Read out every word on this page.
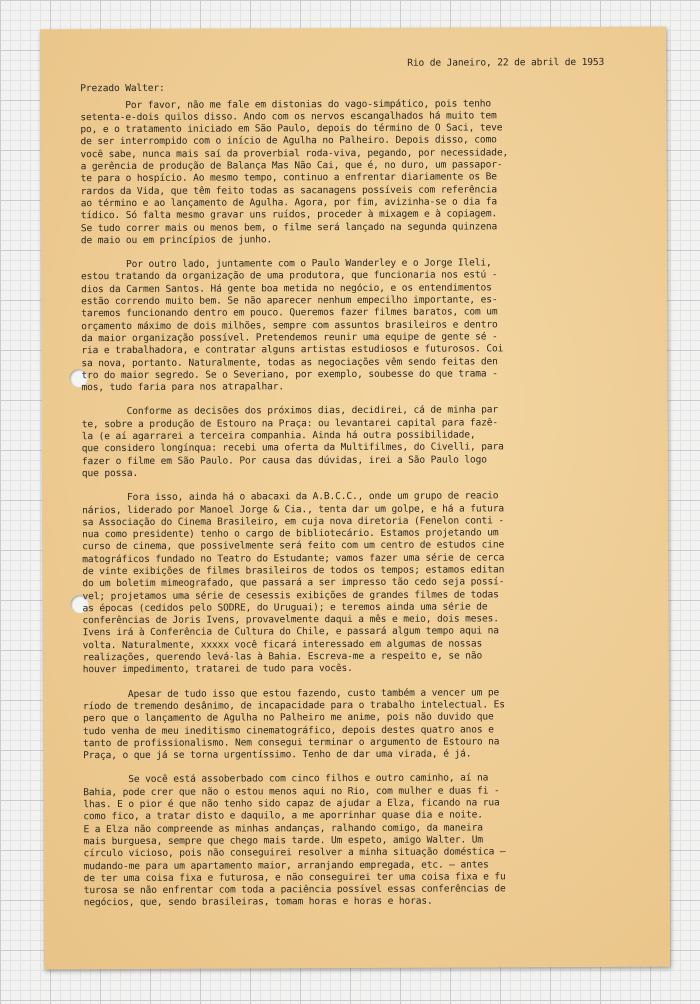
Rio de Janeiro, 22 de abril de 1953
Prezado Walter:
Por favor, não me fale em distonias do vago-simpático, pois tenho
setenta-e-dois quilos disso. Ando com os nervos escangalhados há muito tem
po, e o tratamento iniciado em São Paulo, depois do término de O Saci, teve
de ser interrompido com o início de Agulha no Palheiro. Depois disso, como
você sabe, nunca mais saí da proverbial roda-viva, pegando, por necessidade,
a gerência de produção de Balança Mas Não Cai, que é, no duro, um passapor-
te para o hospício. Ao mesmo tempo, continuo a enfrentar diariamente os Be
rardos da Vida, que têm feito todas as sacanagens possíveis com referência
ao término e ao lançamento de Agulha. Agora, por fim, avizinha-se o dia fa
tídico. Só falta mesmo gravar uns ruídos, proceder à mixagem e à copiagem.
Se tudo correr mais ou menos bem, o filme será lançado na segunda quinzena
de maio ou em princípios de junho.
Por outro lado, juntamente com o Paulo Wanderley e o Jorge Ileli,
estou tratando da organização de uma produtora, que funcionaria nos estú -
dios da Carmen Santos. Há gente boa metida no negócio, e os entendimentos
estão correndo muito bem. Se não aparecer nenhum empecilho importante, es-
taremos funcionando dentro em pouco. Queremos fazer filmes baratos, com um
orçamento máximo de dois milhões, sempre com assuntos brasileiros e dentro
da maior organização possível. Pretendemos reunir uma equipe de gente sé -
ria e trabalhadora, e contratar alguns artistas estudiosos e futurosos. Coi
sa nova, portanto. Naturalmente, todas as negociações vêm sendo feitas den
tro do maior segredo. Se o Severiano, por exemplo, soubesse do que trama -
mos, tudo faria para nos atrapalhar.
Conforme as decisões dos próximos dias, decidirei, cá de minha par
te, sobre a produção de Estouro na Praça: ou levantarei capital para fazê-
la (e aí agarrarei a terceira companhia. Ainda há outra possibilidade,
que considero longínqua: recebi uma oferta da Multifilmes, do Civelli, para
fazer o filme em São Paulo. Por causa das dúvidas, irei a São Paulo logo
que possa.
Fora isso, ainda há o abacaxi da A.B.C.C., onde um grupo de reacio
nários, liderado por Manoel Jorge & Cia., tenta dar um golpe, e há a futura
sa Associação do Cinema Brasileiro, em cuja nova diretoria (Fenelon conti -
nua como presidente) tenho o cargo de bibliotecário. Estamos projetando um
curso de cinema, que possivelmente será feito com um centro de estudos cine
matográficos fundado no Teatro do Estudante; vamos fazer uma série de cerca
de vinte exibições de filmes brasileiros de todos os tempos; estamos editan
do um boletim mimeografado, que passará a ser impresso tão cedo seja possí-
vel; projetamos uma série de cesessis exibições de grandes filmes de todas
as épocas (cedidos pelo SODRE, do Uruguai); e teremos ainda uma série de
conferências de Joris Ivens, provavelmente daqui a mês e meio, dois meses.
Ivens irá à Conferência de Cultura do Chile, e passará algum tempo aqui na
volta. Naturalmente, xxxxx você ficará interessado em algumas de nossas
realizações, querendo levá-las à Bahia. Escreva-me a respeito e, se não
houver impedimento, tratarei de tudo para vocês.
Apesar de tudo isso que estou fazendo, custo também a vencer um pe
ríodo de tremendo desânimo, de incapacidade para o trabalho intelectual. Es
pero que o lançamento de Agulha no Palheiro me anime, pois não duvido que
tudo venha de meu ineditismo cinematográfico, depois destes quatro anos e
tanto de profissionalismo. Nem consegui terminar o argumento de Estouro na
Praça, o que já se torna urgentíssimo. Tenho de dar uma virada, é já.
Se você está assoberbado com cinco filhos e outro caminho, aí na
Bahia, pode crer que não o estou menos aqui no Rio, com mulher e duas fi -
lhas. E o pior é que não tenho sido capaz de ajudar a Elza, ficando na rua
como fico, a tratar disto e daquilo, a me aporrinhar quase dia e noite.
E a Elza não compreende as minhas andanças, ralhando comigo, da maneira
mais burguesa, sempre que chego mais tarde. Um espeto, amigo Walter. Um
círculo vicioso, pois não conseguirei resolver a minha situação doméstica —
mudando-me para um apartamento maior, arranjando empregada, etc. — antes
de ter uma coisa fixa e futurosa, e não conseguirei ter uma coisa fixa e fu
turosa se não enfrentar com toda a paciência possível essas conferências de
negócios, que, sendo brasileiras, tomam horas e horas e horas.
